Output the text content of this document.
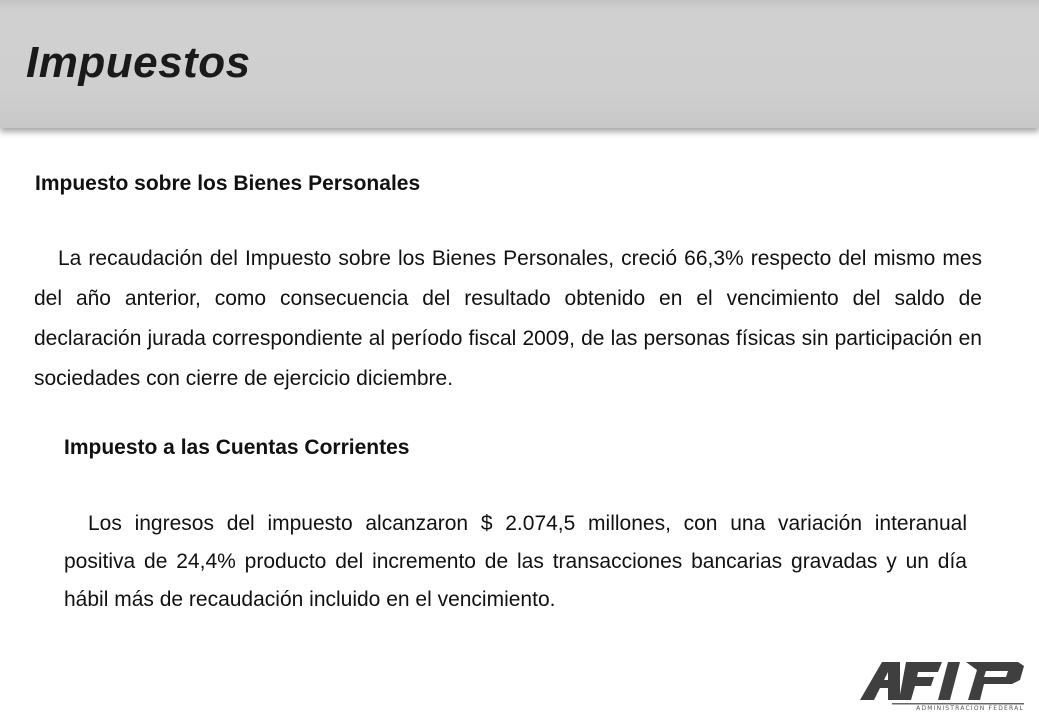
Impuestos
Impuesto sobre los Bienes Personales

La recaudación del Impuesto sobre los Bienes Personales, creció 66,3% respecto del mismo mes del año anterior, como consecuencia del resultado obtenido en el vencimiento del saldo de declaración jurada correspondiente al período fiscal 2009, de las personas físicas sin participación en sociedades con cierre de ejercicio diciembre.

Impuesto a las Cuentas Corrientes

Los ingresos del impuesto alcanzaron $ 2.074,5 millones, con una variación interanual positiva de 24,4% producto del incremento de las transacciones bancarias gravadas y un día hábil más de recaudación incluido en el vencimiento.

ADMINISTRACION FEDERAL
